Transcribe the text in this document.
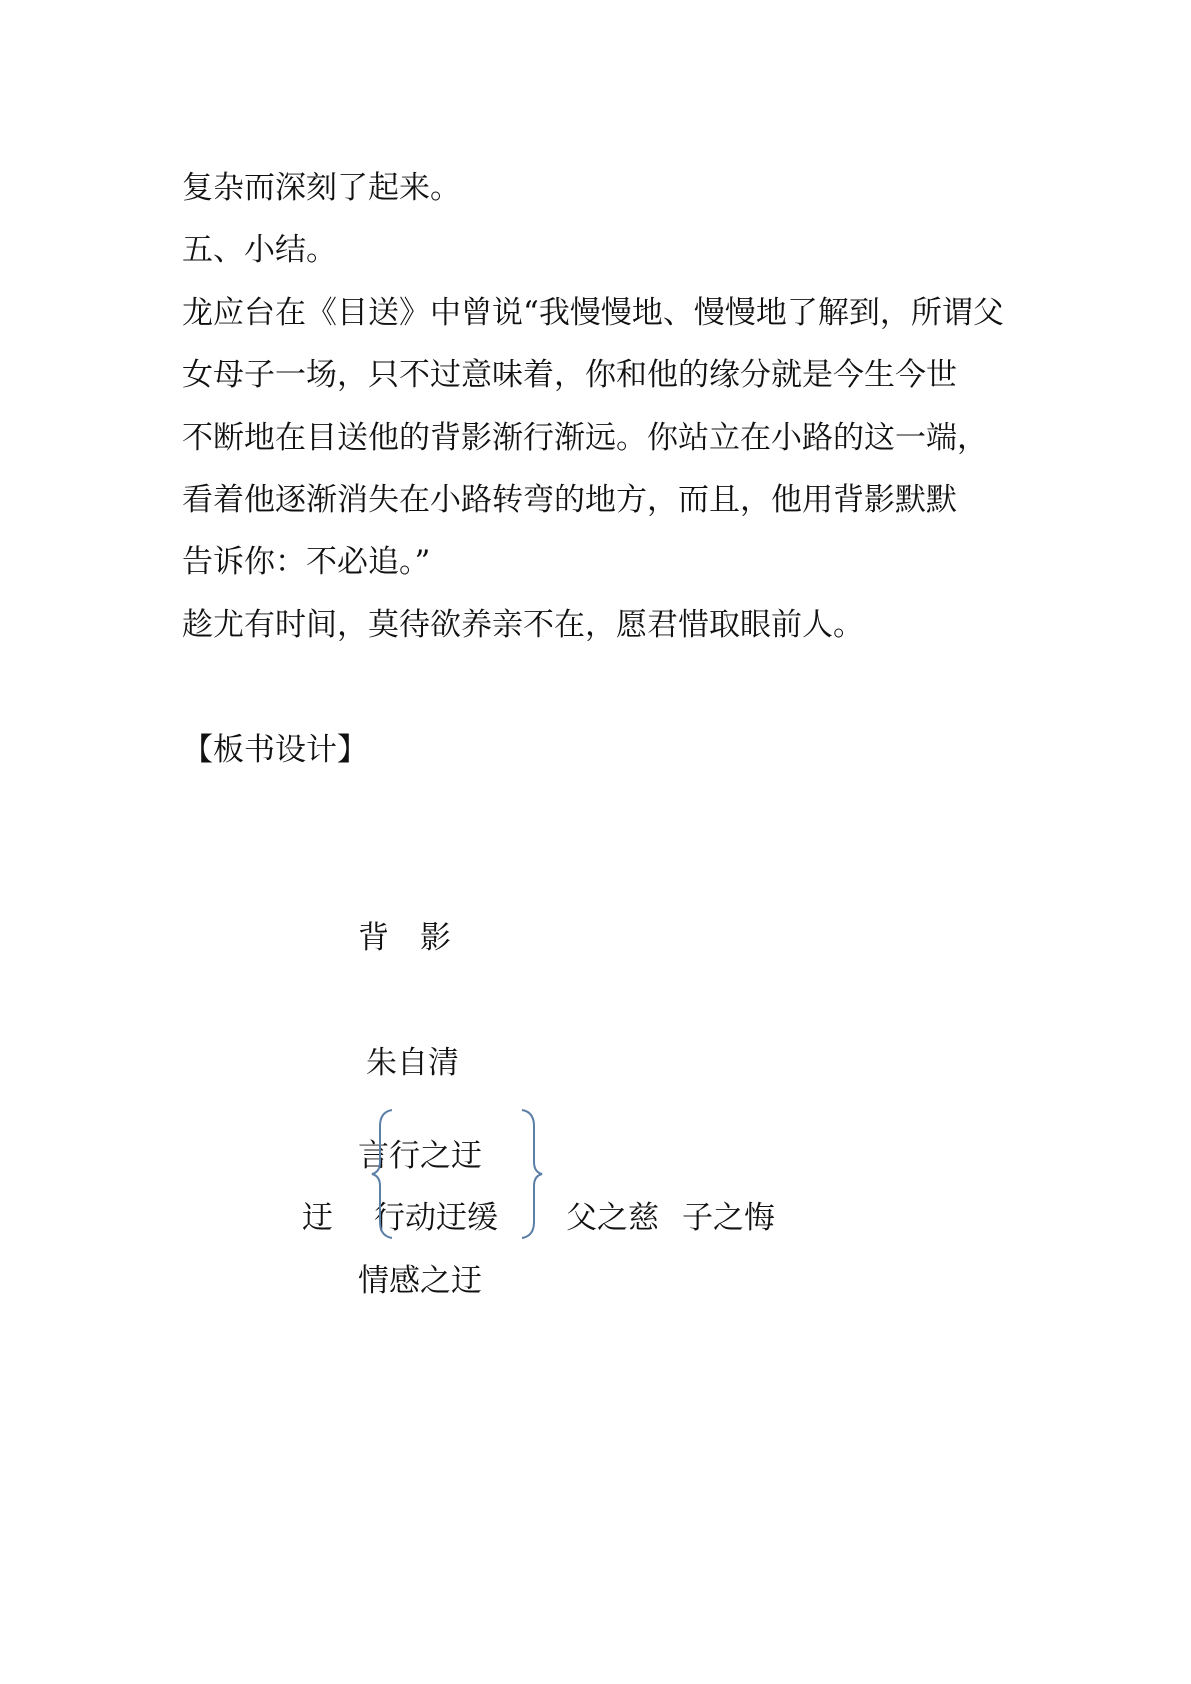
复杂而深刻了起来。
五、小结。
龙应台在《目送》中曾说“我慢慢地、慢慢地了解到，所谓父
女母子一场，只不过意味着，你和他的缘分就是今生今世
不断地在目送他的背影渐行渐远。你站立在小路的这一端，
看着他逐渐消失在小路转弯的地方，而且，他用背影默默
告诉你：不必追。”
趁尤有时间，莫待欲养亲不在，愿君惜取眼前人。
【板书设计】
背　影
朱自清
言行之迂
迂 行动迂缓
情感之迂
父之慈 子之悔
